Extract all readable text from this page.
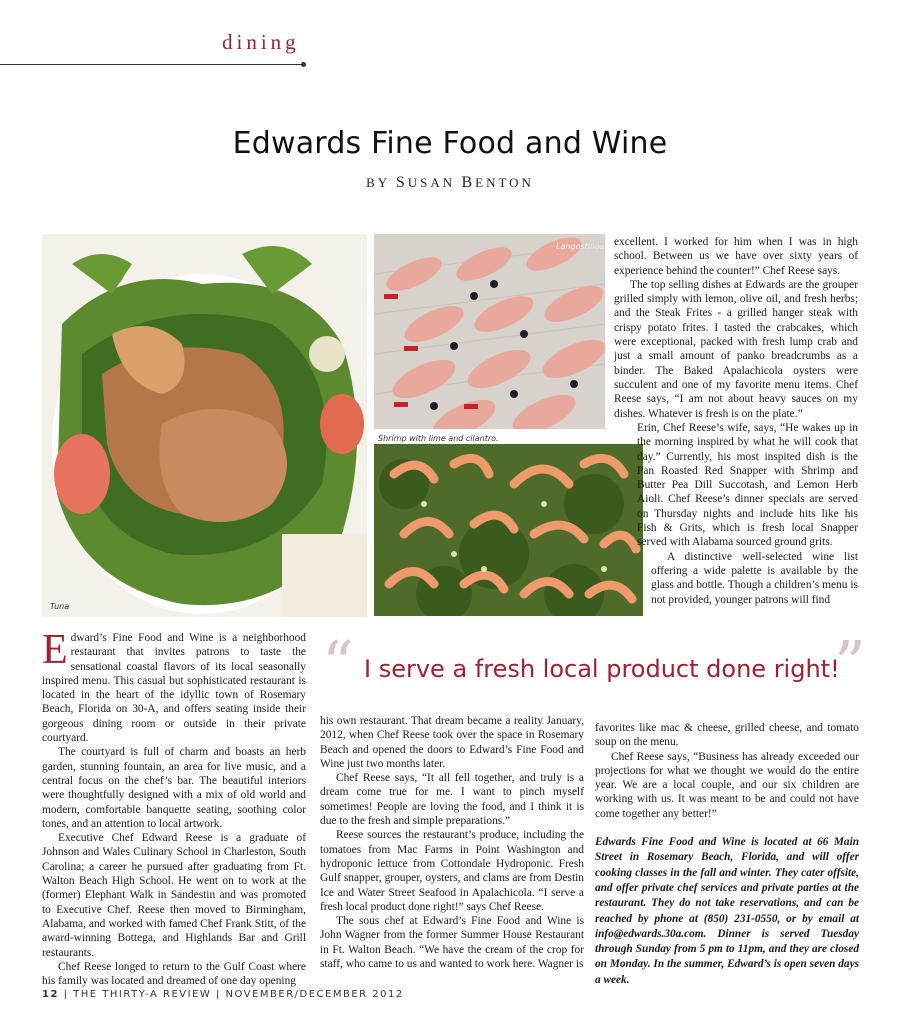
dining
Edwards Fine Food and Wine
BY SUSAN BENTON
Tuna
Langostinos
Shrimp with lime and cilantro.

excellent. I worked for him when I was in high school. Between us we have over sixty years of experience behind the counter!” Chef Reese says.

The top selling dishes at Edwards are the grouper grilled simply with lemon, olive oil, and fresh herbs; and the Steak Frites - a grilled hanger steak with crispy potato frites. I tasted the crabcakes, which were exceptional, packed with fresh lump crab and just a small amount of panko breadcrumbs as a binder. The Baked Apalachicola oysters were succulent and one of my favorite menu items. Chef Reese says, “I am not about heavy sauces on my dishes. Whatever is fresh is on the plate.”

Erin, Chef Reese’s wife, says, “He wakes up in the morning inspired by what he will cook that day.” Currently, his most inspited dish is the Pan Roasted Red Snapper with Shrimp and Butter Pea Dill Succotash, and Lemon Herb Aioli. Chef Reese’s dinner specials are served on Thursday nights and include hits like his Fish & Grits, which is fresh local Snapper served with Alabama sourced ground grits.

A distinctive well-selected wine list offering a wide palette is available by the glass and bottle. Though a children’s menu is not provided, younger patrons will find

“ I serve a fresh local product done right!
”

Edward’s Fine Food and Wine is a neighborhood restaurant that invites patrons to taste the sensational coastal flavors of its local seasonally inspired menu. This casual but sophisticated restaurant is located in the heart of the idyllic town of Rosemary Beach, Florida on 30-A, and offers seating inside their gorgeous dining room or outside in their private courtyard.

The courtyard is full of charm and boasts an herb garden, stunning fountain, an area for live music, and a central focus on the chef’s bar. The beautiful interiors were thoughtfully designed with a mix of old world and modern, comfortable banquette seating, soothing color tones, and an attention to local artwork.

Executive Chef Edward Reese is a graduate of Johnson and Wales Culinary School in Charleston, South Carolina; a career he pursued after graduating from Ft. Walton Beach High School. He went on to work at the (former) Elephant Walk in Sandestin and was promoted to Executive Chef. Reese then moved to Birmingham, Alabama, and worked with famed Chef Frank Stitt, of the award-winning Bottega, and Highlands Bar and Grill restaurants.

Chef Reese longed to return to the Gulf Coast where his family was located and dreamed of one day opening

his own restaurant. That dream became a reality January, 2012, when Chef Reese took over the space in Rosemary Beach and opened the doors to Edward’s Fine Food and Wine just two months later.

Chef Reese says, “It all fell together, and truly is a dream come true for me. I want to pinch myself sometimes! People are loving the food, and I think it is due to the fresh and simple preparations.”

Reese sources the restaurant’s produce, including the tomatoes from Mac Farms in Point Washington and hydroponic lettuce from Cottondale Hydroponic. Fresh Gulf snapper, grouper, oysters, and clams are from Destin Ice and Water Street Seafood in Apalachicola. “I serve a fresh local product done right!” says Chef Reese.

The sous chef at Edward’s Fine Food and Wine is John Wagner from the former Summer House Restaurant in Ft. Walton Beach. “We have the cream of the crop for staff, who came to us and wanted to work here. Wagner is

favorites like mac & cheese, grilled cheese, and tomato soup on the menu.

Chef Reese says, “Business has already exceeded our projections for what we thought we would do the entire year. We are a local couple, and our six children are working with us. It was meant to be and could not have come together any better!”

Edwards Fine Food and Wine is located at 66 Main Street in Rosemary Beach, Florida, and will offer cooking classes in the fall and winter. They cater offsite, and offer private chef services and private parties at the restaurant. They do not take reservations, and can be reached by phone at (850) 231-0550, or by email at info@edwards.30a.com. Dinner is served Tuesday through Sunday from 5 pm to 11pm, and they are closed on Monday. In the summer, Edward’s is open seven days a week.

12 | THE THIRTY-A REVIEW | NOVEMBER/DECEMBER 2012
